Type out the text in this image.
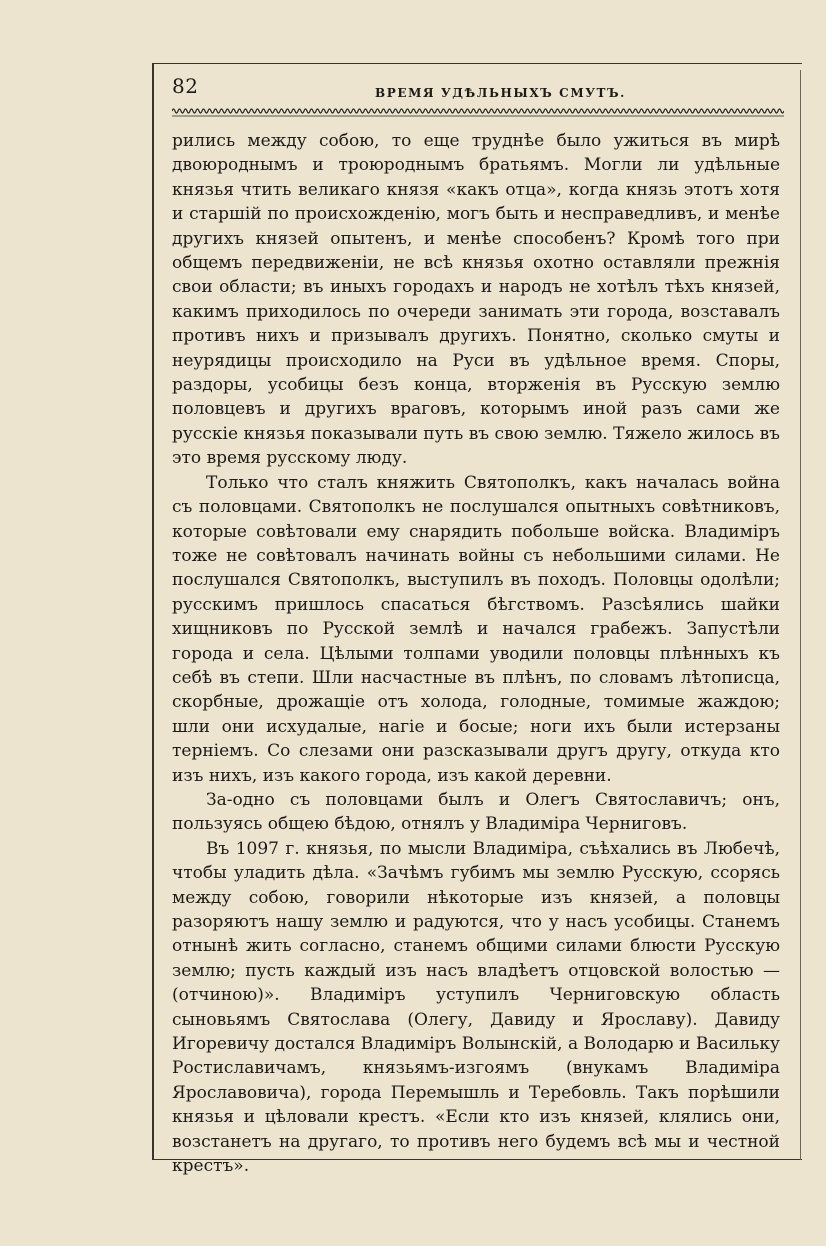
82	ВРЕМЯ УДѢЛЬНЫХЪ СМУТЪ.

рились между собою, то еще труднѣе было ужиться въ мирѣ двоюроднымъ и троюроднымъ братьямъ. Могли ли удѣльные князья чтить великаго князя «какъ отца», когда князь этотъ хотя и старшій по происхожденію, могъ быть и несправедливъ, и менѣе другихъ князей опытенъ, и менѣе способенъ? Кромѣ того при общемъ передвиженіи, не всѣ князья охотно оставляли прежнія свои области; въ иныхъ городахъ и народъ не хотѣлъ тѣхъ князей, какимъ приходилось по очереди занимать эти города, возставалъ противъ нихъ и призывалъ другихъ. Понятно, сколько смуты и неурядицы происходило на Руси въ удѣльное время. Споры, раздоры, усобицы безъ конца, вторженія въ Русскую землю половцевъ и другихъ враговъ, которымъ иной разъ сами же русскіе князья показывали путь въ свою землю. Тяжело жилось въ это время русскому люду.

Только что сталъ княжить Святополкъ, какъ началась война съ половцами. Святополкъ не послушался опытныхъ совѣтниковъ, которые совѣтовали ему снарядить побольше войска. Владиміръ тоже не совѣтовалъ начинать войны съ небольшими силами. Не послушался Святополкъ, выступилъ въ походъ. Половцы одолѣли; русскимъ пришлось спасаться бѣгствомъ. Разсѣялись шайки хищниковъ по Русской землѣ и начался грабежъ. Запустѣли города и села. Цѣлыми толпами уводили половцы плѣнныхъ къ себѣ въ степи. Шли насчастные въ плѣнъ, по словамъ лѣтописца, скорбные, дрожащіе отъ холода, голодные, томимые жаждою; шли они исхудалые, нагіе и босые; ноги ихъ были истерзаны терніемъ. Со слезами они разсказывали другъ другу, откуда кто изъ нихъ, изъ какого города, изъ какой деревни.

За-одно съ половцами былъ и Олегъ Святославичъ; онъ, пользуясь общею бѣдою, отнялъ у Владиміра Черниговъ.

Въ 1097 г. князья, по мысли Владиміра, съѣхались въ Любечѣ, чтобы уладить дѣла. «Зачѣмъ губимъ мы землю Русскую, ссорясь между собою, говорили нѣкоторые изъ князей, а половцы разоряютъ нашу землю и радуются, что у насъ усобицы. Станемъ отнынѣ жить согласно, станемъ общими силами блюсти Русскую землю; пусть каждый изъ насъ владѣетъ отцовской волостью —(отчиною)». Владиміръ уступилъ Черниговскую область сыновьямъ Святослава (Олегу, Давиду и Ярославу). Давиду Игоревичу достался Владиміръ Волынскій, а Володарю и Васильку Ростиславичамъ, князьямъ-изгоямъ (внукамъ Владиміра Ярославовича), города Перемышль и Теребовль. Такъ порѣшили князья и цѣловали крестъ. «Если кто изъ князей, клялись они, возстанетъ на другаго, то противъ него будемъ всѣ мы и честной крестъ».
